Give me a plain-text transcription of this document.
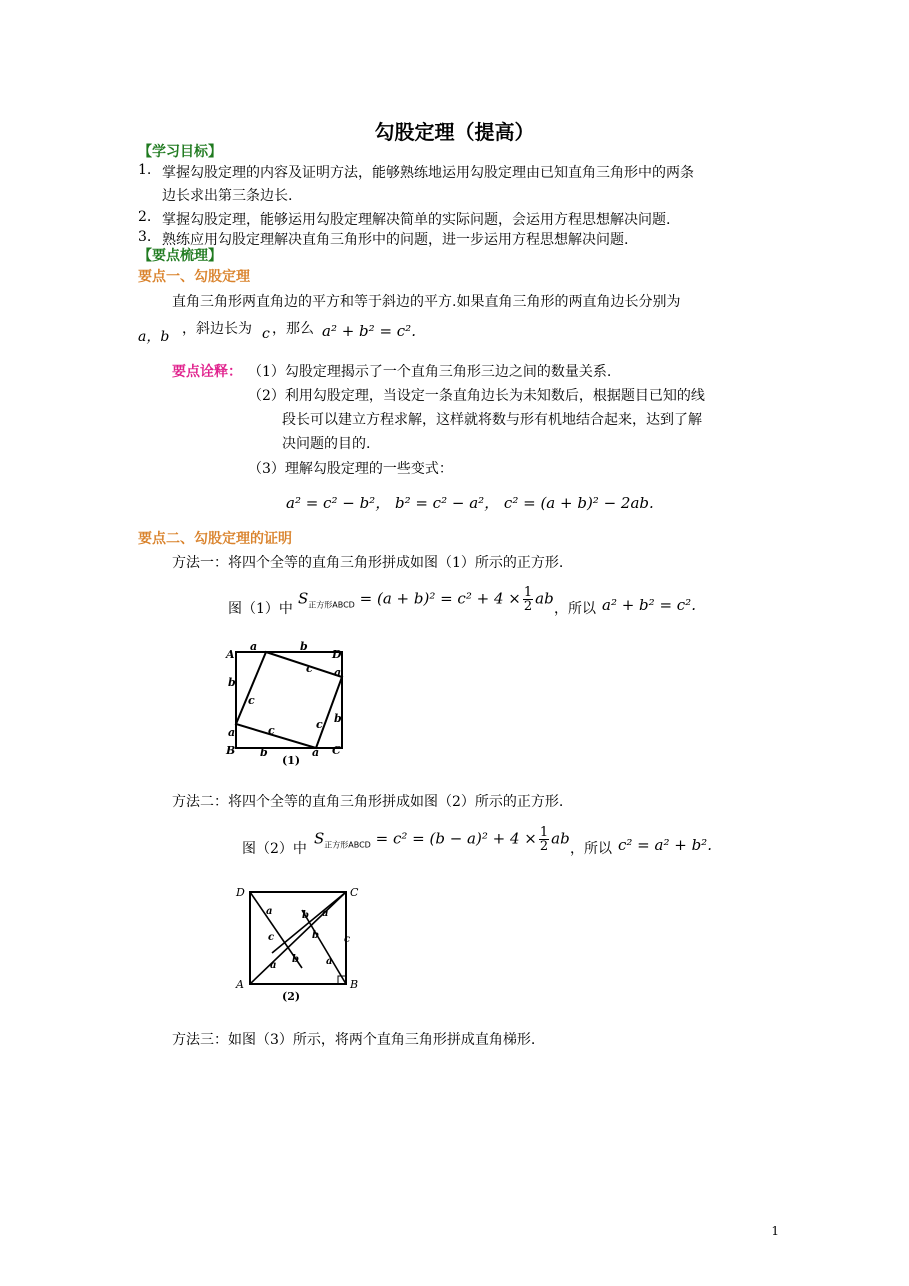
勾股定理（提高）
【学习目标】
1. 掌握勾股定理的内容及证明方法，能够熟练地运用勾股定理由已知直角三角形中的两条
边长求出第三条边长.
2. 掌握勾股定理，能够运用勾股定理解决简单的实际问题，会运用方程思想解决问题.
3. 熟练应用勾股定理解决直角三角形中的问题，进一步运用方程思想解决问题.
【要点梳理】
要点一、勾股定理
直角三角形两直角边的平方和等于斜边的平方.如果直角三角形的两直角边长分别为
a，b ，斜边长为 c ，那么 a² + b² = c².
要点诠释： （1）勾股定理揭示了一个直角三角形三边之间的数量关系.
（2）利用勾股定理，当设定一条直角边长为未知数后，根据题目已知的线
段长可以建立方程求解，这样就将数与形有机地结合起来，达到了解
决问题的目的.
（3）理解勾股定理的一些变式：
a² = c² − b²， b² = c² − a²， c² = (a + b)² − 2ab.
要点二、勾股定理的证明
方法一：将四个全等的直角三角形拼成如图（1）所示的正方形.
图（1）中
$S_{正方形ABCD} = (a + b)^2 = c^2 + 4 \times \frac{1}{2}$ ab
，所以 a² + b² = c².
A	D
B	C
a	b
a
b
b
a
b	a
c
c
c
c
(1)
方法二：将四个全等的直角三角形拼成如图（2）所示的正方形.
图（2）中
$S_{正方形ABCD} = c^2 = (b - a)^2 + 4 \times \frac{1}{2}$ ab
，所以 c² = a² + b².
D	C
A	B
a	b a
c	b	c
b	a
a
(2)
方法三：如图（3）所示，将两个直角三角形拼成直角梯形.
1
